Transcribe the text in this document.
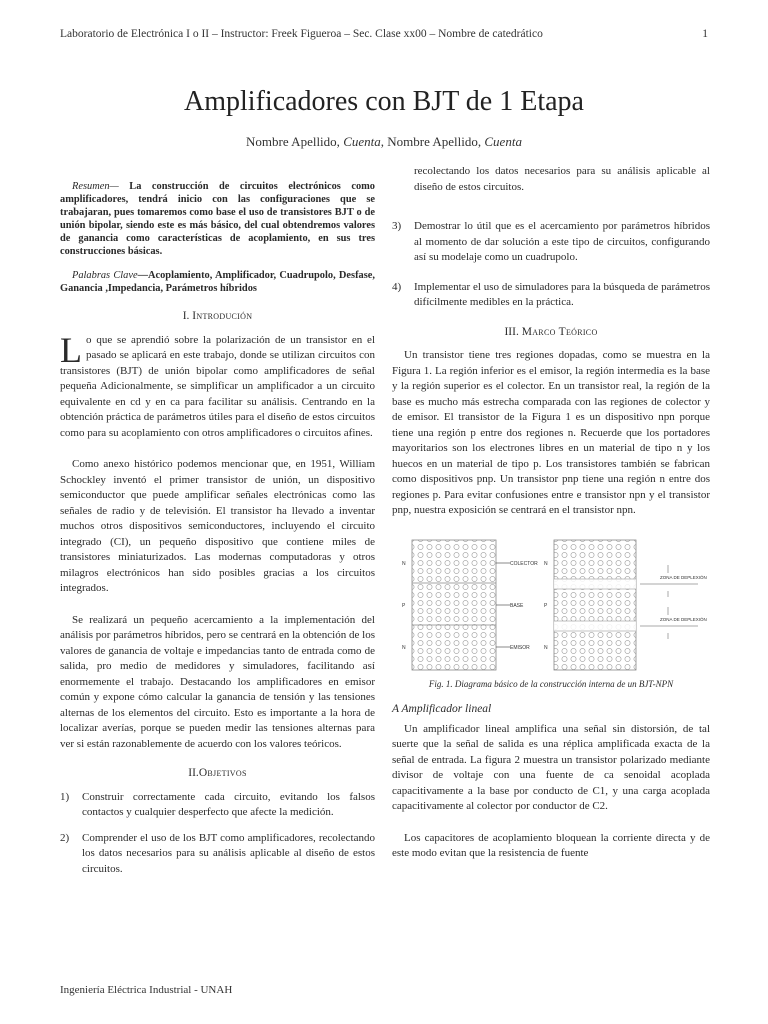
Laboratorio de Electrónica I o II – Instructor: Freek Figueroa – Sec. Clase xx00 – Nombre de catedrático	1
Amplificadores con BJT de 1 Etapa
Nombre Apellido, Cuenta, Nombre Apellido, Cuenta

Resumen— La construcción de circuitos electrónicos como amplificadores, tendrá inicio con las configuraciones que se trabajaran, pues tomaremos como base el uso de transistores BJT o de unión bipolar, siendo este es más básico, del cual obtendremos valores de ganancia como características de acoplamiento, en sus tres construcciones básicas.

Palabras Clave—Acoplamiento, Amplificador, Cuadrupolo, Desfase, Ganancia ,Impedancia, Parámetros híbridos

I. Introdución

Lo que se aprendió sobre la polarización de un transistor en el pasado se aplicará en este trabajo, donde se utilizan circuitos con transistores (BJT) de unión bipolar como amplificadores de señal pequeña Adicionalmente, se simplificar un amplificador a un circuito equivalente en cd y en ca para facilitar su análisis. Centrando en la obtención práctica de parámetros útiles para el diseño de estos circuitos como para su acoplamiento con otros amplificadores o circuitos afines.

Como anexo histórico podemos mencionar que, en 1951, William Schockley inventó el primer transistor de unión, un dispositivo semiconductor que puede amplificar señales electrónicas como las señales de radio y de televisión. El transistor ha llevado a inventar muchos otros dispositivos semiconductores, incluyendo el circuito integrado (CI), un pequeño dispositivo que contiene miles de transistores miniaturizados. Las modernas computadoras y otros milagros electrónicos han sido posibles gracias a los circuitos integrados.

Se realizará un pequeño acercamiento a la implementación del análisis por parámetros híbridos, pero se centrará en la obtención de los valores de ganancia de voltaje e impedancias tanto de entrada como de salida, pro medio de medidores y simuladores, facilitando así enormemente el trabajo. Destacando los amplificadores en emisor común y expone cómo calcular la ganancia de tensión y las tensiones alternas de los elementos del circuito. Esto es importante a la hora de localizar averías, porque se pueden medir las tensiones alternas para ver si están razonablemente de acuerdo con los valores teóricos.

II.Objetivos
1)	Construir correctamente cada circuito, evitando los falsos contactos y cualquier desperfecto que afecte la medición.
2)	Comprender el uso de los BJT como amplificadores, recolectando los datos necesarios para su análisis aplicable al diseño de estos circuitos.

recolectando los datos necesarios para su análisis aplicable al diseño de estos circuitos.

3)	Demostrar lo útil que es el acercamiento por parámetros híbridos al momento de dar solución a este tipo de circuitos, configurando así su modelaje como un cuadrupolo.
4)	Implementar el uso de simuladores para la búsqueda de parámetros difícilmente medibles en la práctica.
III. Marco Teórico

Un transistor tiene tres regiones dopadas, como se muestra en la Figura 1. La región inferior es el emisor, la región intermedia es la base y la región superior es el colector. En un transistor real, la región de la base es mucho más estrecha comparada con las regiones de colector y de emisor. El transistor de la Figura 1 es un dispositivo npn porque tiene una región p entre dos regiones n. Recuerde que los portadores mayoritarios son los electrones libres en un material de tipo n y los huecos en un material de tipo p. Los transistores también se fabrican como dispositivos pnp. Un transistor pnp tiene una región n entre dos regiones p. Para evitar confusiones entre e transistor npn y el transistor pnp, nuestra exposición se centrará en el transistor npn.

N
P
N
COLECTOR
BASE
EMISOR
N
P
N
ZONA DE DEPLEXIÓN
ZONA DE DEPLEXIÓN
Fig. 1. Diagrama básico de la construcción interna de un BJT-NPN
A Amplificador lineal

Un amplificador lineal amplifica una señal sin distorsión, de tal suerte que la señal de salida es una réplica amplificada exacta de la señal de entrada. La figura 2 muestra un transistor polarizado mediante divisor de voltaje con una fuente de ca senoidal acoplada capacitivamente a la base por conducto de C1, y una carga acoplada capacitivamente al colector por conductor de C2.

Los capacitores de acoplamiento bloquean la corriente directa y de este modo evitan que la resistencia de fuente

Ingeniería Eléctrica Industrial - UNAH
